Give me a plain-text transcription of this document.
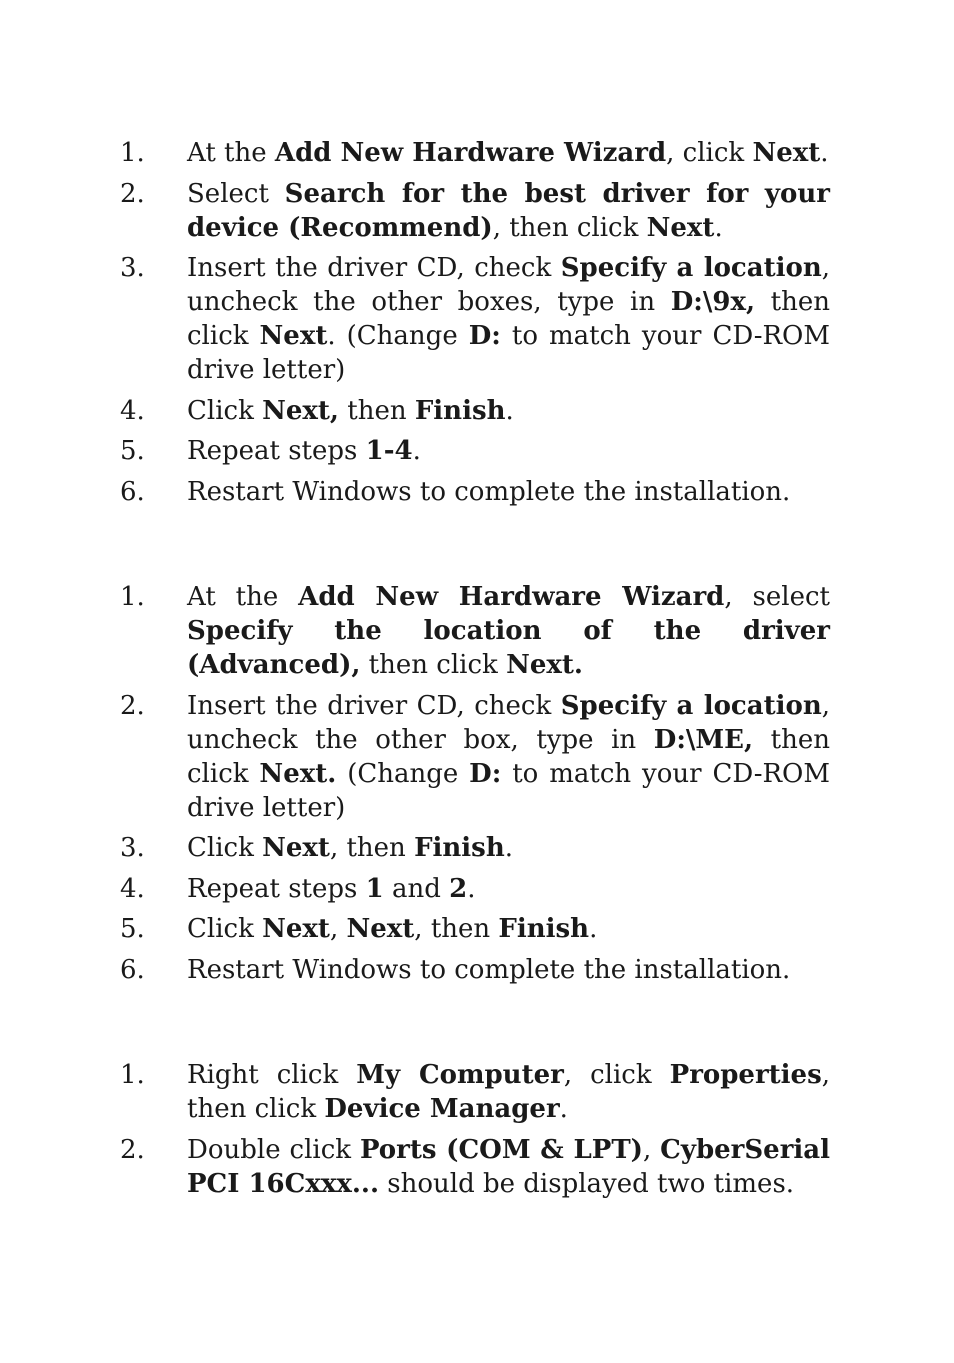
1.	At the Add New Hardware Wizard, click Next.
2.	Select Search for the best driver for your device (Recommend), then click Next.
3.	Insert the driver CD, check Specify a location, uncheck the other boxes, type in D:\9x, then click Next. (Change D: to match your CD-ROM drive letter)
4.	Click Next, then Finish.
5.	Repeat steps 1-4.
6.	Restart Windows to complete the installation.
1.	At the Add New Hardware Wizard, select Specify the location of the driver (Advanced), then click Next.
2.	Insert the driver CD, check Specify a location, uncheck the other box, type in D:\ME, then click Next. (Change D: to match your CD-ROM drive letter)
3.	Click Next, then Finish.
4.	Repeat steps 1 and 2.
5.	Click Next, Next, then Finish.
6.	Restart Windows to complete the installation.
1.	Right click My Computer, click Properties, then click Device Manager.
2.	Double click Ports (COM & LPT), CyberSerial PCI 16Cxxx... should be displayed two times.
